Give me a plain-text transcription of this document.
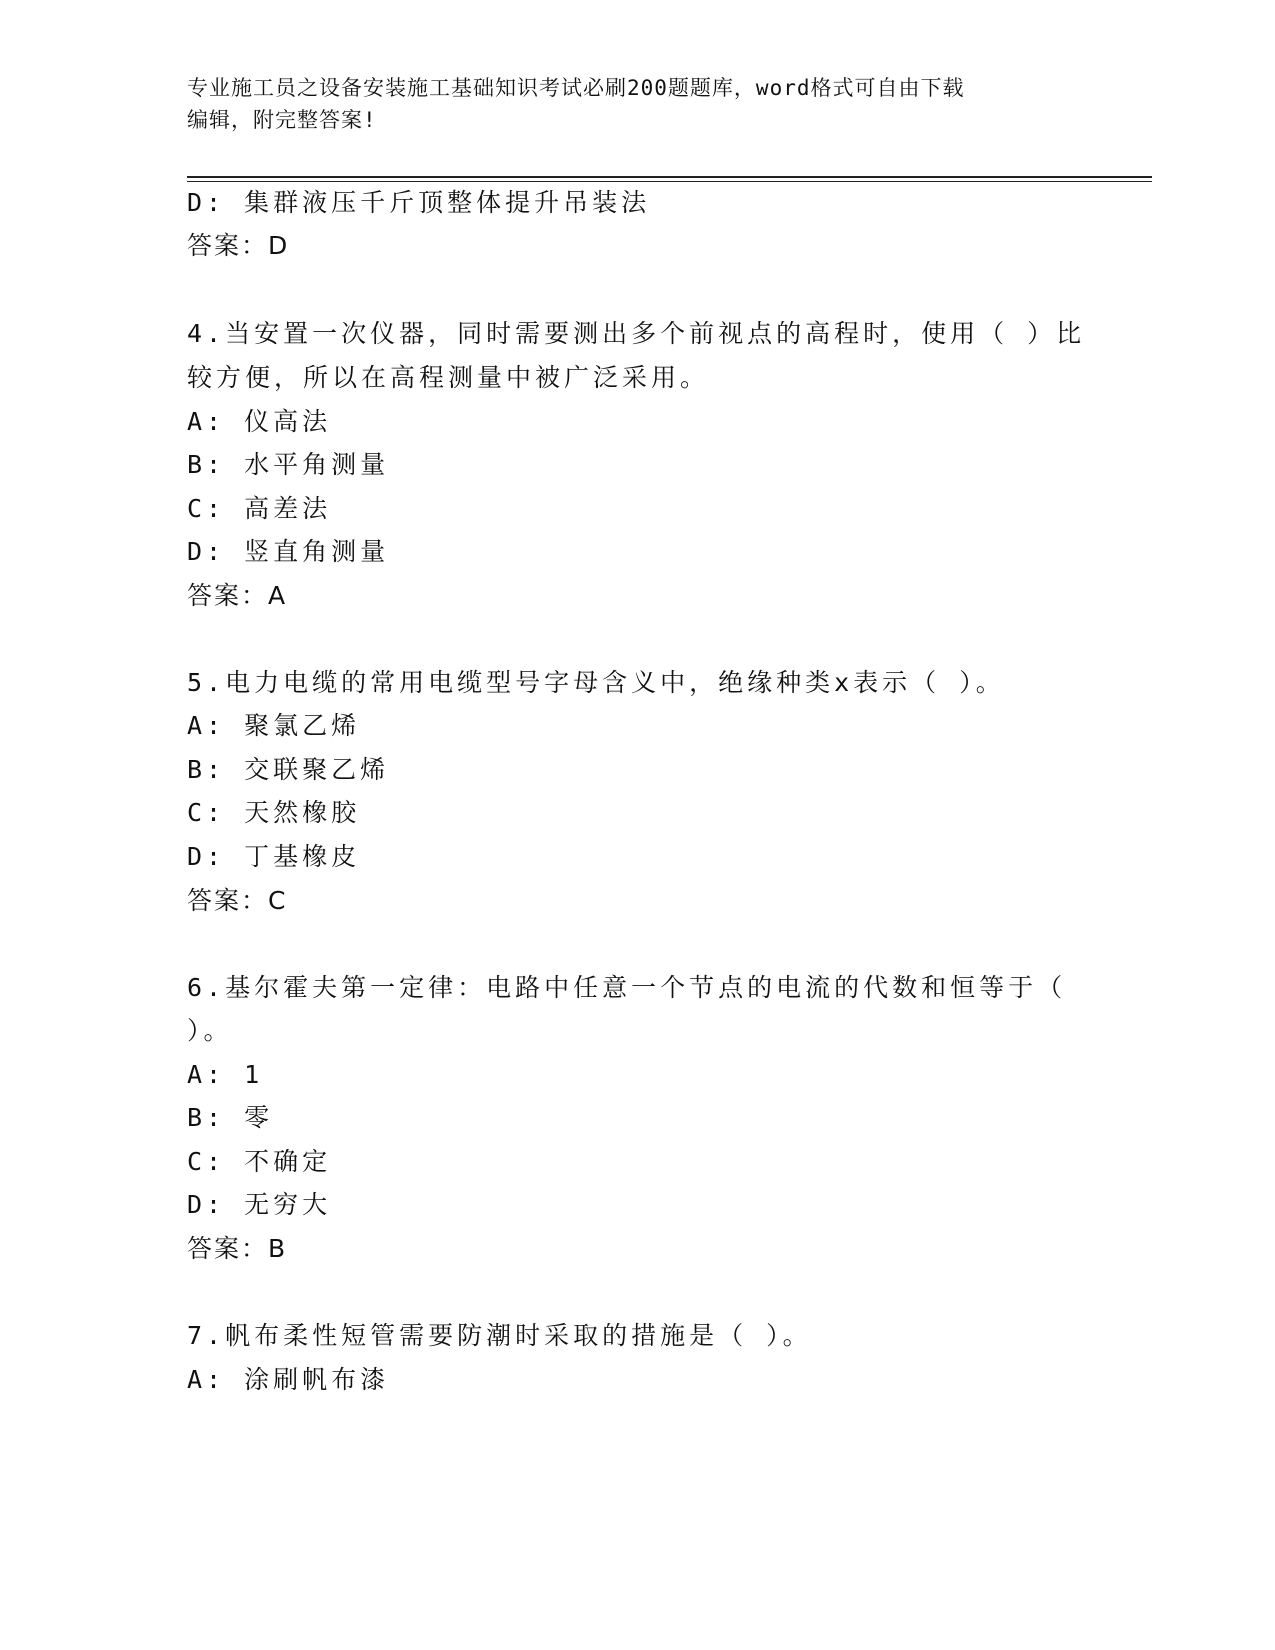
专业施工员之设备安装施工基础知识考试必刷200题题库，word格式可自由下载
编辑，附完整答案!
D: 集群液压千斤顶整体提升吊装法
答案：D
4.当安置一次仪器，同时需要测出多个前视点的高程时，使用（ ）比
较方便，所以在高程测量中被广泛采用。
A: 仪高法
B: 水平角测量
C: 高差法
D: 竖直角测量
答案：A
5.电力电缆的常用电缆型号字母含义中，绝缘种类x表示（ ）。
A: 聚氯乙烯
B: 交联聚乙烯
C: 天然橡胶
D: 丁基橡皮
答案：C
6.基尔霍夫第一定律：电路中任意一个节点的电流的代数和恒等于（
）。
A: 1
B: 零
C: 不确定
D: 无穷大
答案：B
7.帆布柔性短管需要防潮时采取的措施是（ ）。
A: 涂刷帆布漆
